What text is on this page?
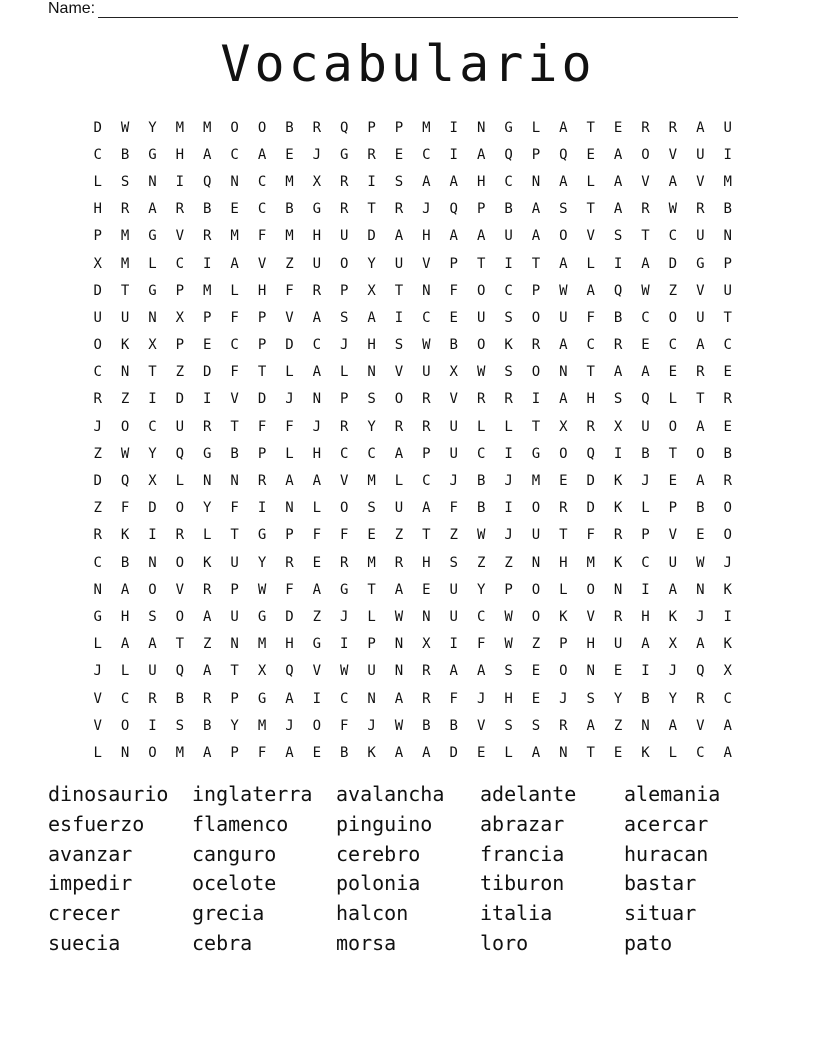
Name:
Vocabulario
D	W	Y	M	M	O	O	B	R	Q	P	P	M	I	N	G	L	A	T	E	R	R	A	U
C	B	G	H	A	C	A	E	J	G	R	E	C	I	A	Q	P	Q	E	A	O	V	U	I
L	S	N	I	Q	N	C	M	X	R	I	S	A	A	H	C	N	A	L	A	V	A	V	M
H	R	A	R	B	E	C	B	G	R	T	R	J	Q	P	B	A	S	T	A	R	W	R	B
P	M	G	V	R	M	F	M	H	U	D	A	H	A	A	U	A	O	V	S	T	C	U	N
X	M	L	C	I	A	V	Z	U	O	Y	U	V	P	T	I	T	A	L	I	A	D	G	P
D	T	G	P	M	L	H	F	R	P	X	T	N	F	O	C	P	W	A	Q	W	Z	V	U
U	U	N	X	P	F	P	V	A	S	A	I	C	E	U	S	O	U	F	B	C	O	U	T
O	K	X	P	E	C	P	D	C	J	H	S	W	B	O	K	R	A	C	R	E	C	A	C
C	N	T	Z	D	F	T	L	A	L	N	V	U	X	W	S	O	N	T	A	A	E	R	E
R	Z	I	D	I	V	D	J	N	P	S	O	R	V	R	R	I	A	H	S	Q	L	T	R
J	O	C	U	R	T	F	F	J	R	Y	R	R	U	L	L	T	X	R	X	U	O	A	E
Z	W	Y	Q	G	B	P	L	H	C	C	A	P	U	C	I	G	O	Q	I	B	T	O	B
D	Q	X	L	N	N	R	A	A	V	M	L	C	J	B	J	M	E	D	K	J	E	A	R
Z	F	D	O	Y	F	I	N	L	O	S	U	A	F	B	I	O	R	D	K	L	P	B	O
R	K	I	R	L	T	G	P	F	F	E	Z	T	Z	W	J	U	T	F	R	P	V	E	O
C	B	N	O	K	U	Y	R	E	R	M	R	H	S	Z	Z	N	H	M	K	C	U	W	J
N	A	O	V	R	P	W	F	A	G	T	A	E	U	Y	P	O	L	O	N	I	A	N	K
G	H	S	O	A	U	G	D	Z	J	L	W	N	U	C	W	O	K	V	R	H	K	J	I
L	A	A	T	Z	N	M	H	G	I	P	N	X	I	F	W	Z	P	H	U	A	X	A	K
J	L	U	Q	A	T	X	Q	V	W	U	N	R	A	A	S	E	O	N	E	I	J	Q	X
V	C	R	B	R	P	G	A	I	C	N	A	R	F	J	H	E	J	S	Y	B	Y	R	C
V	O	I	S	B	Y	M	J	O	F	J	W	B	B	V	S	S	R	A	Z	N	A	V	A
L	N	O	M	A	P	F	A	E	B	K	A	A	D	E	L	A	N	T	E	K	L	C	A
dinosaurio	inglaterra	avalancha	adelante	alemania
esfuerzo	flamenco	pinguino	abrazar	acercar
avanzar	canguro	cerebro	francia	huracan
impedir	ocelote	polonia	tiburon	bastar
crecer	grecia	halcon	italia	situar
suecia	cebra	morsa	loro	pato
